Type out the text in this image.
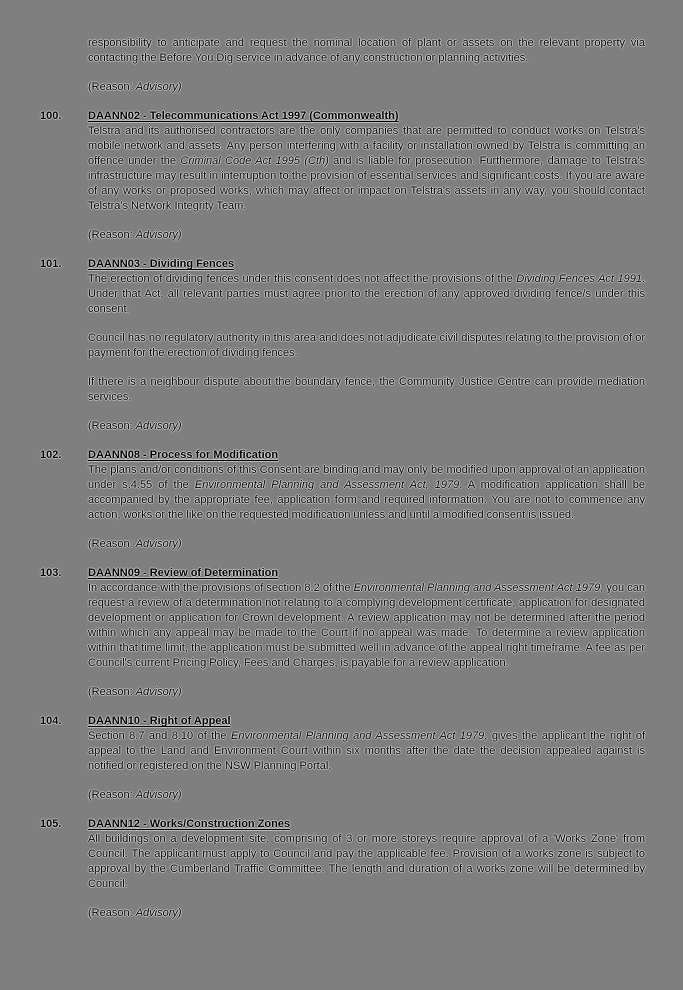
responsibility to anticipate and request the nominal location of plant or assets on the relevant property via contacting the Before You Dig service in advance of any construction or planning activities.

(Reason: Advisory)

100.	DAANN02 - Telecommunications Act 1997 (Commonwealth)

Telstra and its authorised contractors are the only companies that are permitted to conduct works on Telstra's mobile network and assets. Any person interfering with a facility or installation owned by Telstra is committing an offence under the Criminal Code Act 1995 (Cth) and is liable for prosecution. Furthermore, damage to Telstra's infrastructure may result in interruption to the provision of essential services and significant costs. If you are aware of any works or proposed works, which may affect or impact on Telstra's assets in any way, you should contact Telstra's Network Integrity Team.

(Reason: Advisory)

101.	DAANN03 - Dividing Fences

The erection of dividing fences under this consent does not affect the provisions of the Dividing Fences Act 1991. Under that Act, all relevant parties must agree prior to the erection of any approved dividing fence/s under this consent.

Council has no regulatory authority in this area and does not adjudicate civil disputes relating to the provision of or payment for the erection of dividing fences.

If there is a neighbour dispute about the boundary fence, the Community Justice Centre can provide mediation services.

(Reason: Advisory)

102.	DAANN08 - Process for Modification

The plans and/or conditions of this Consent are binding and may only be modified upon approval of an application under s.4.55 of the Environmental Planning and Assessment Act, 1979. A modification application shall be accompanied by the appropriate fee, application form and required information. You are not to commence any action, works or the like on the requested modification unless and until a modified consent is issued.

(Reason: Advisory)

103.	DAANN09 - Review of Determination

In accordance with the provisions of section 8.2 of the Environmental Planning and Assessment Act 1979, you can request a review of a determination not relating to a complying development certificate, application for designated development or application for Crown development. A review application may not be determined after the period within which any appeal may be made to the Court if no appeal was made. To determine a review application within that time limit, the application must be submitted well in advance of the appeal right timeframe. A fee as per Council's current Pricing Policy, Fees and Charges, is payable for a review application.

(Reason: Advisory)

104.	DAANN10 - Right of Appeal

Section 8.7 and 8.10 of the Environmental Planning and Assessment Act 1979, gives the applicant the right of appeal to the Land and Environment Court within six months after the date the decision appealed against is notified or registered on the NSW Planning Portal.

(Reason: Advisory)

105.	DAANN12 - Works/Construction Zones

All buildings on a development site, comprising of 3 or more storeys require approval of a 'Works Zone' from Council. The applicant must apply to Council and pay the applicable fee. Provision of a works zone is subject to approval by the Cumberland Traffic Committee. The length and duration of a works zone will be determined by Council.

(Reason: Advisory)
